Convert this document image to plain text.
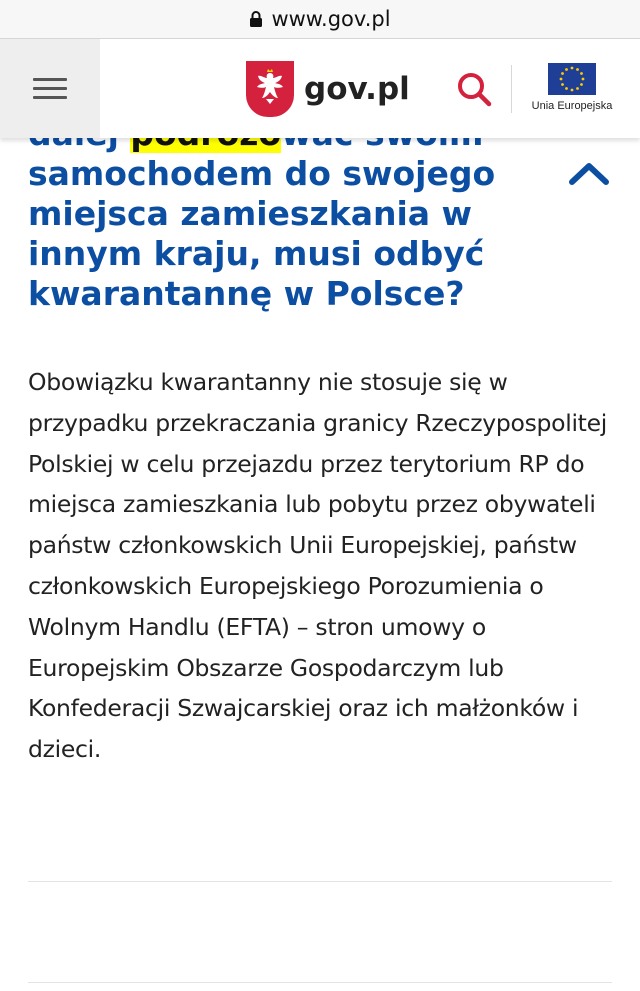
samochodem do swojego miejsca zamieszkania w innym kraju, musi odbyć kwarantannę w Polsce?

Obowiązku kwarantanny nie stosuje się w przypadku przekraczania granicy Rzeczypospolitej Polskiej w celu przejazdu przez terytorium RP do miejsca zamieszkania lub pobytu przez obywateli państw członkowskich Unii Europejskiej, państw członkowskich Europejskiego Porozumienia o Wolnym Handlu (EFTA) – stron umowy o Europejskim Obszarze Gospodarczym lub Konfederacji Szwajcarskiej oraz ich małżonków i dzieci.

www.gov.pl
gov.pl	Unia Europejska
